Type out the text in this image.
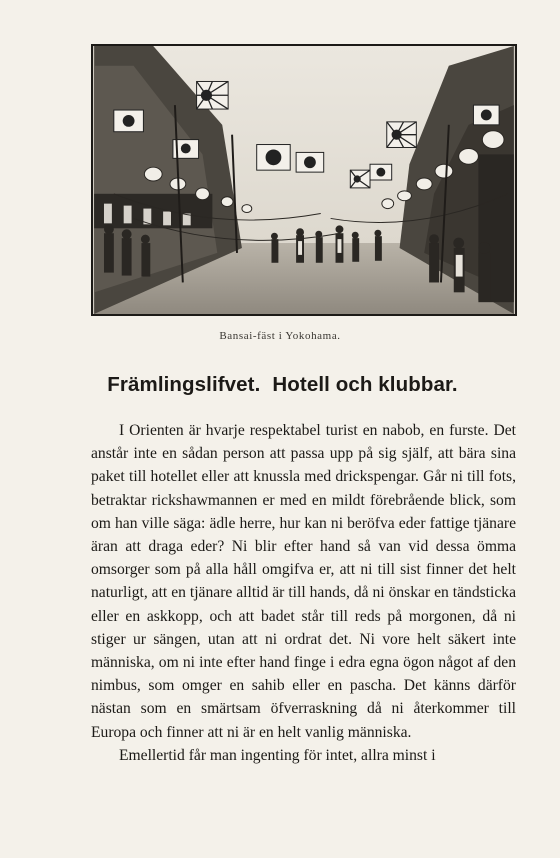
Bansai-fäst i Yokohama.
Främlingslifvet. Hotell och klubbar.

I Orienten är hvarje respektabel turist en nabob, en furste. Det anstår inte en sådan person att passa upp på sig själf, att bära sina paket till hotellet eller att knussla med drickspengar. Går ni till fots, betraktar rickshawmannen er med en mildt förebrående blick, som om han ville säga: ädle herre, hur kan ni beröfva eder fattige tjänare äran att draga eder? Ni blir efter hand så van vid dessa ömma omsorger som på alla håll omgifva er, att ni till sist finner det helt naturligt, att en tjänare alltid är till hands, då ni önskar en tändsticka eller en askkopp, och att badet står till reds på morgonen, då ni stiger ur sängen, utan att ni ordrat det. Ni vore helt säkert inte människa, om ni inte efter hand finge i edra egna ögon något af den nimbus, som omger en sahib eller en pascha. Det känns därför nästan som en smärtsam öfverraskning då ni återkommer till Europa och finner att ni är en helt vanlig människa.

Emellertid får man ingenting för intet, allra minst i
